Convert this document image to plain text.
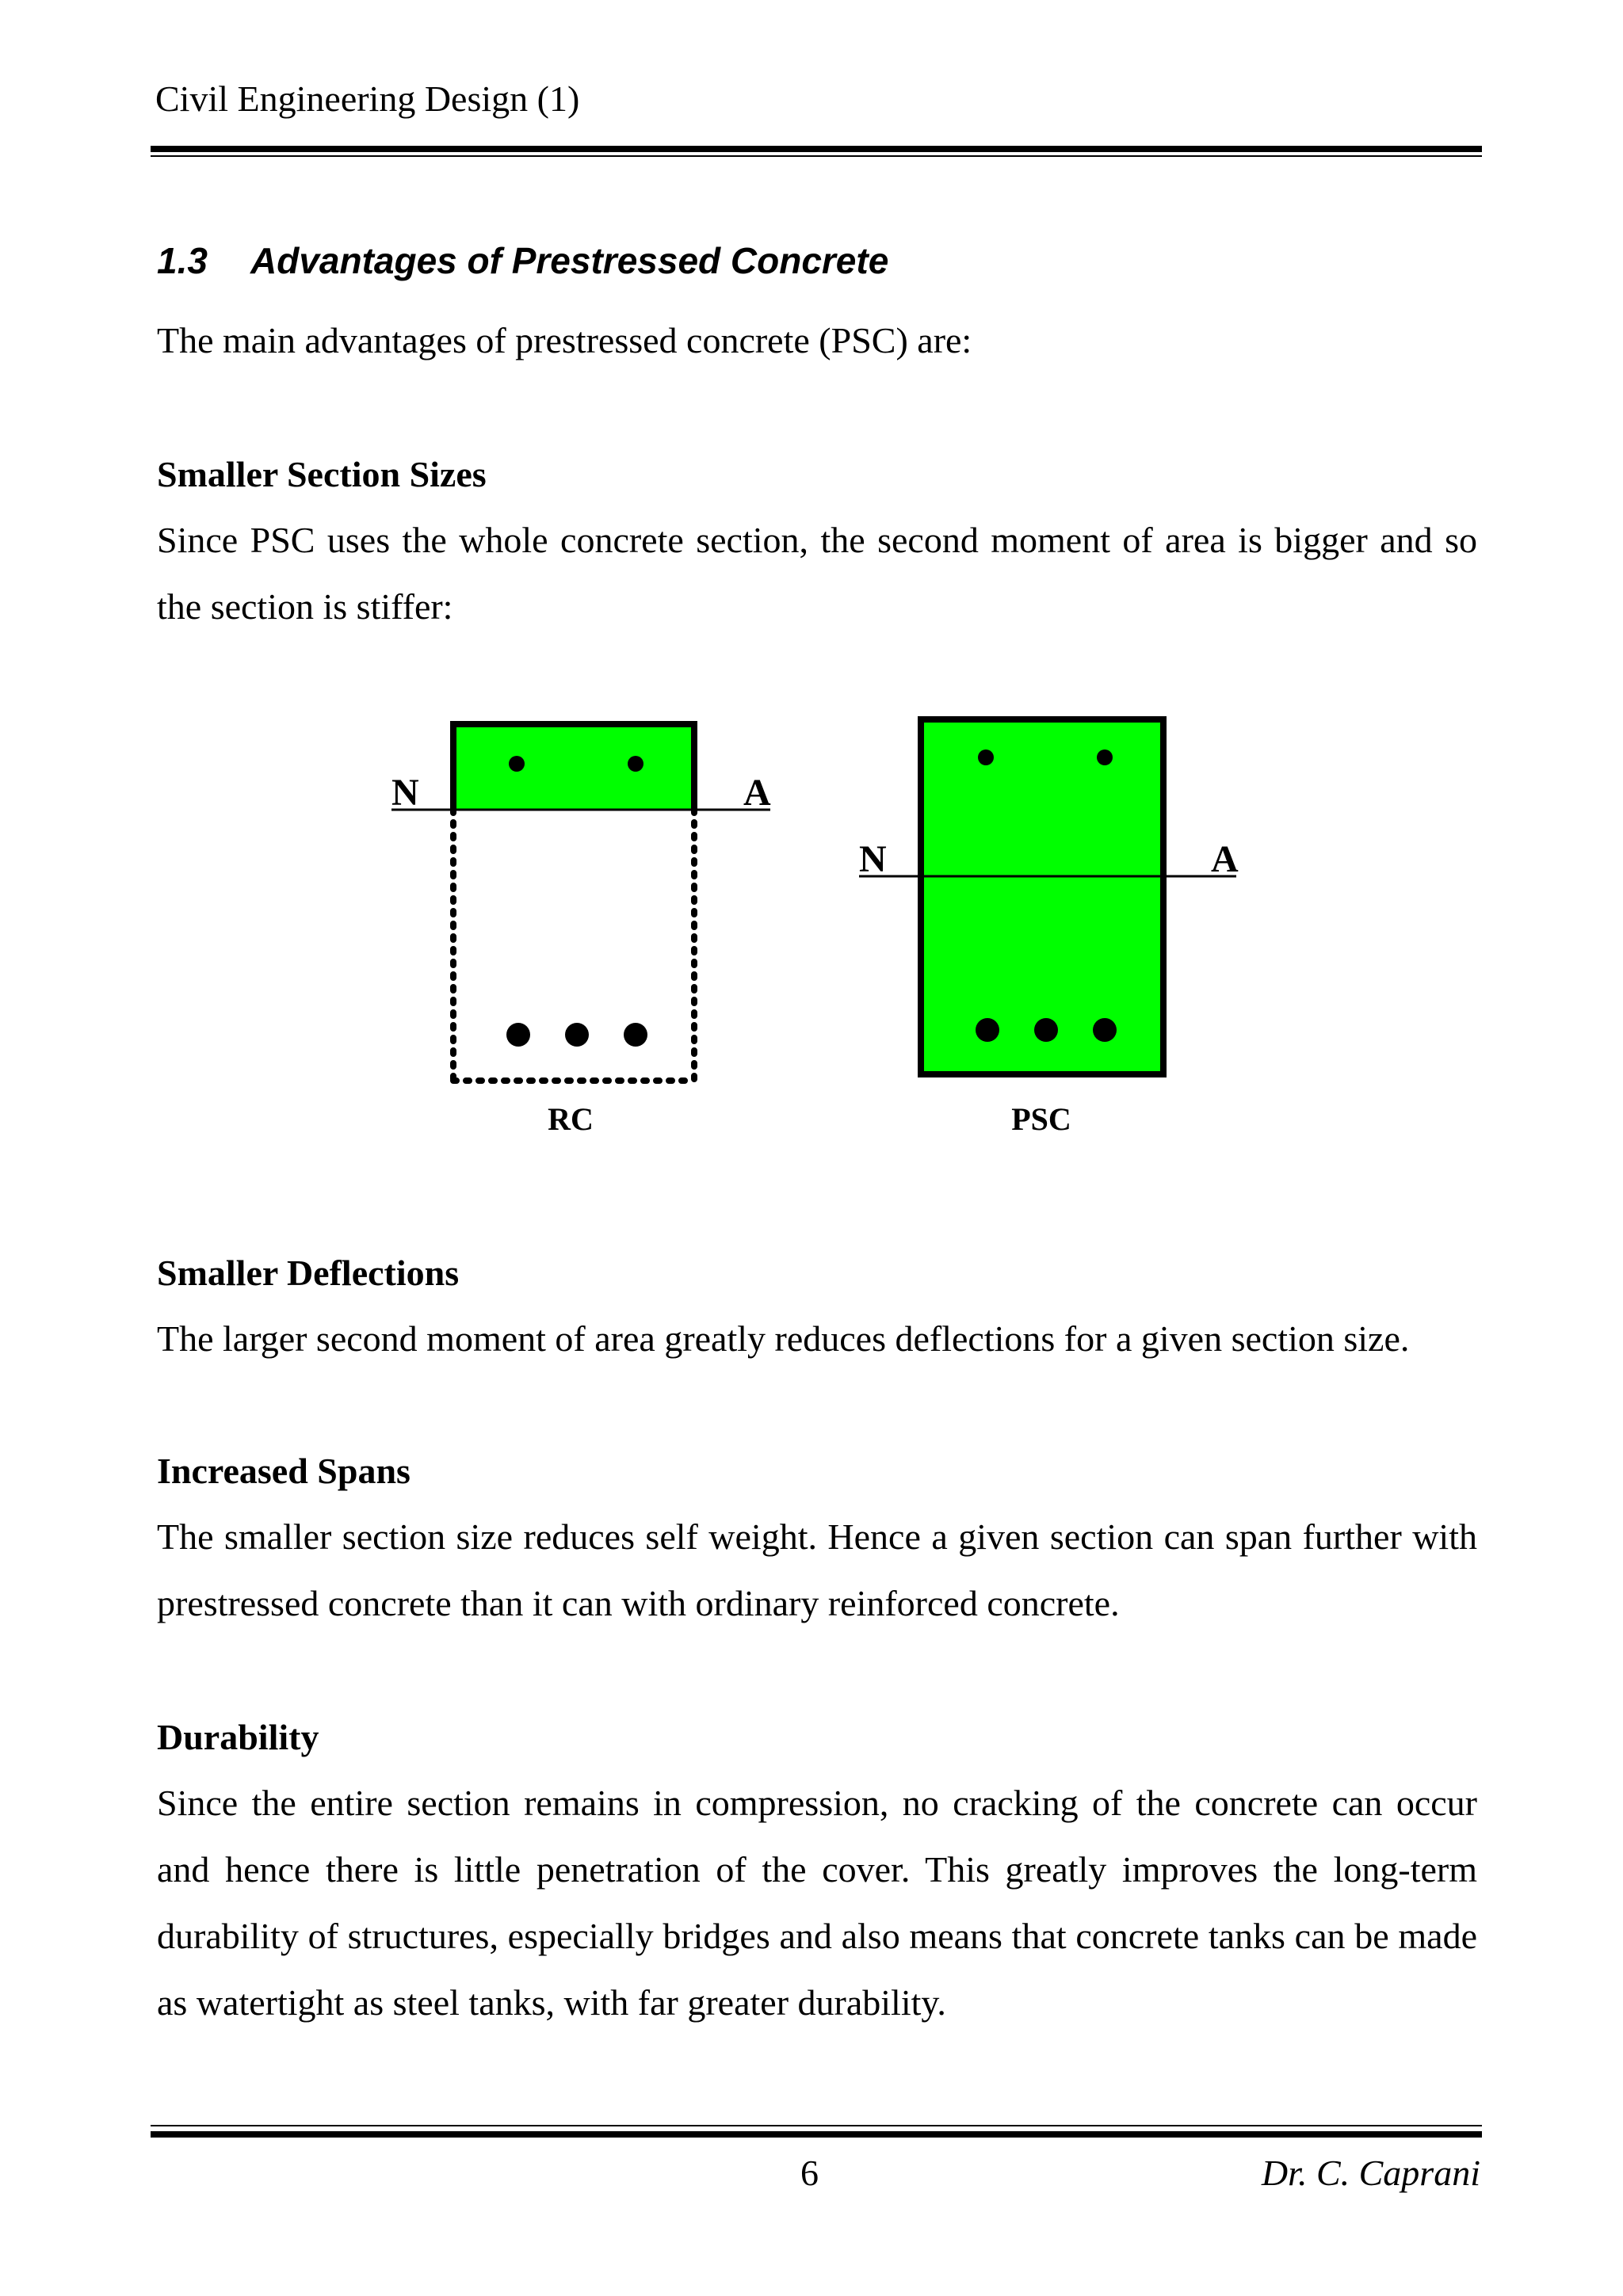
Civil Engineering Design (1)
1.3 Advantages of Prestressed Concrete
The main advantages of prestressed concrete (PSC) are:
Smaller Section Sizes
Since PSC uses the whole concrete section, the second moment of area is bigger and so the section is stiffer:
N	A
RC
N	A
PSC
Smaller Deflections
The larger second moment of area greatly reduces deflections for a given section size.
Increased Spans
The smaller section size reduces self weight. Hence a given section can span further with prestressed concrete than it can with ordinary reinforced concrete.
Durability
Since the entire section remains in compression, no cracking of the concrete can occur and hence there is little penetration of the cover. This greatly improves the long-term durability of structures, especially bridges and also means that concrete tanks can be made as watertight as steel tanks, with far greater durability.
6	Dr. C. Caprani
